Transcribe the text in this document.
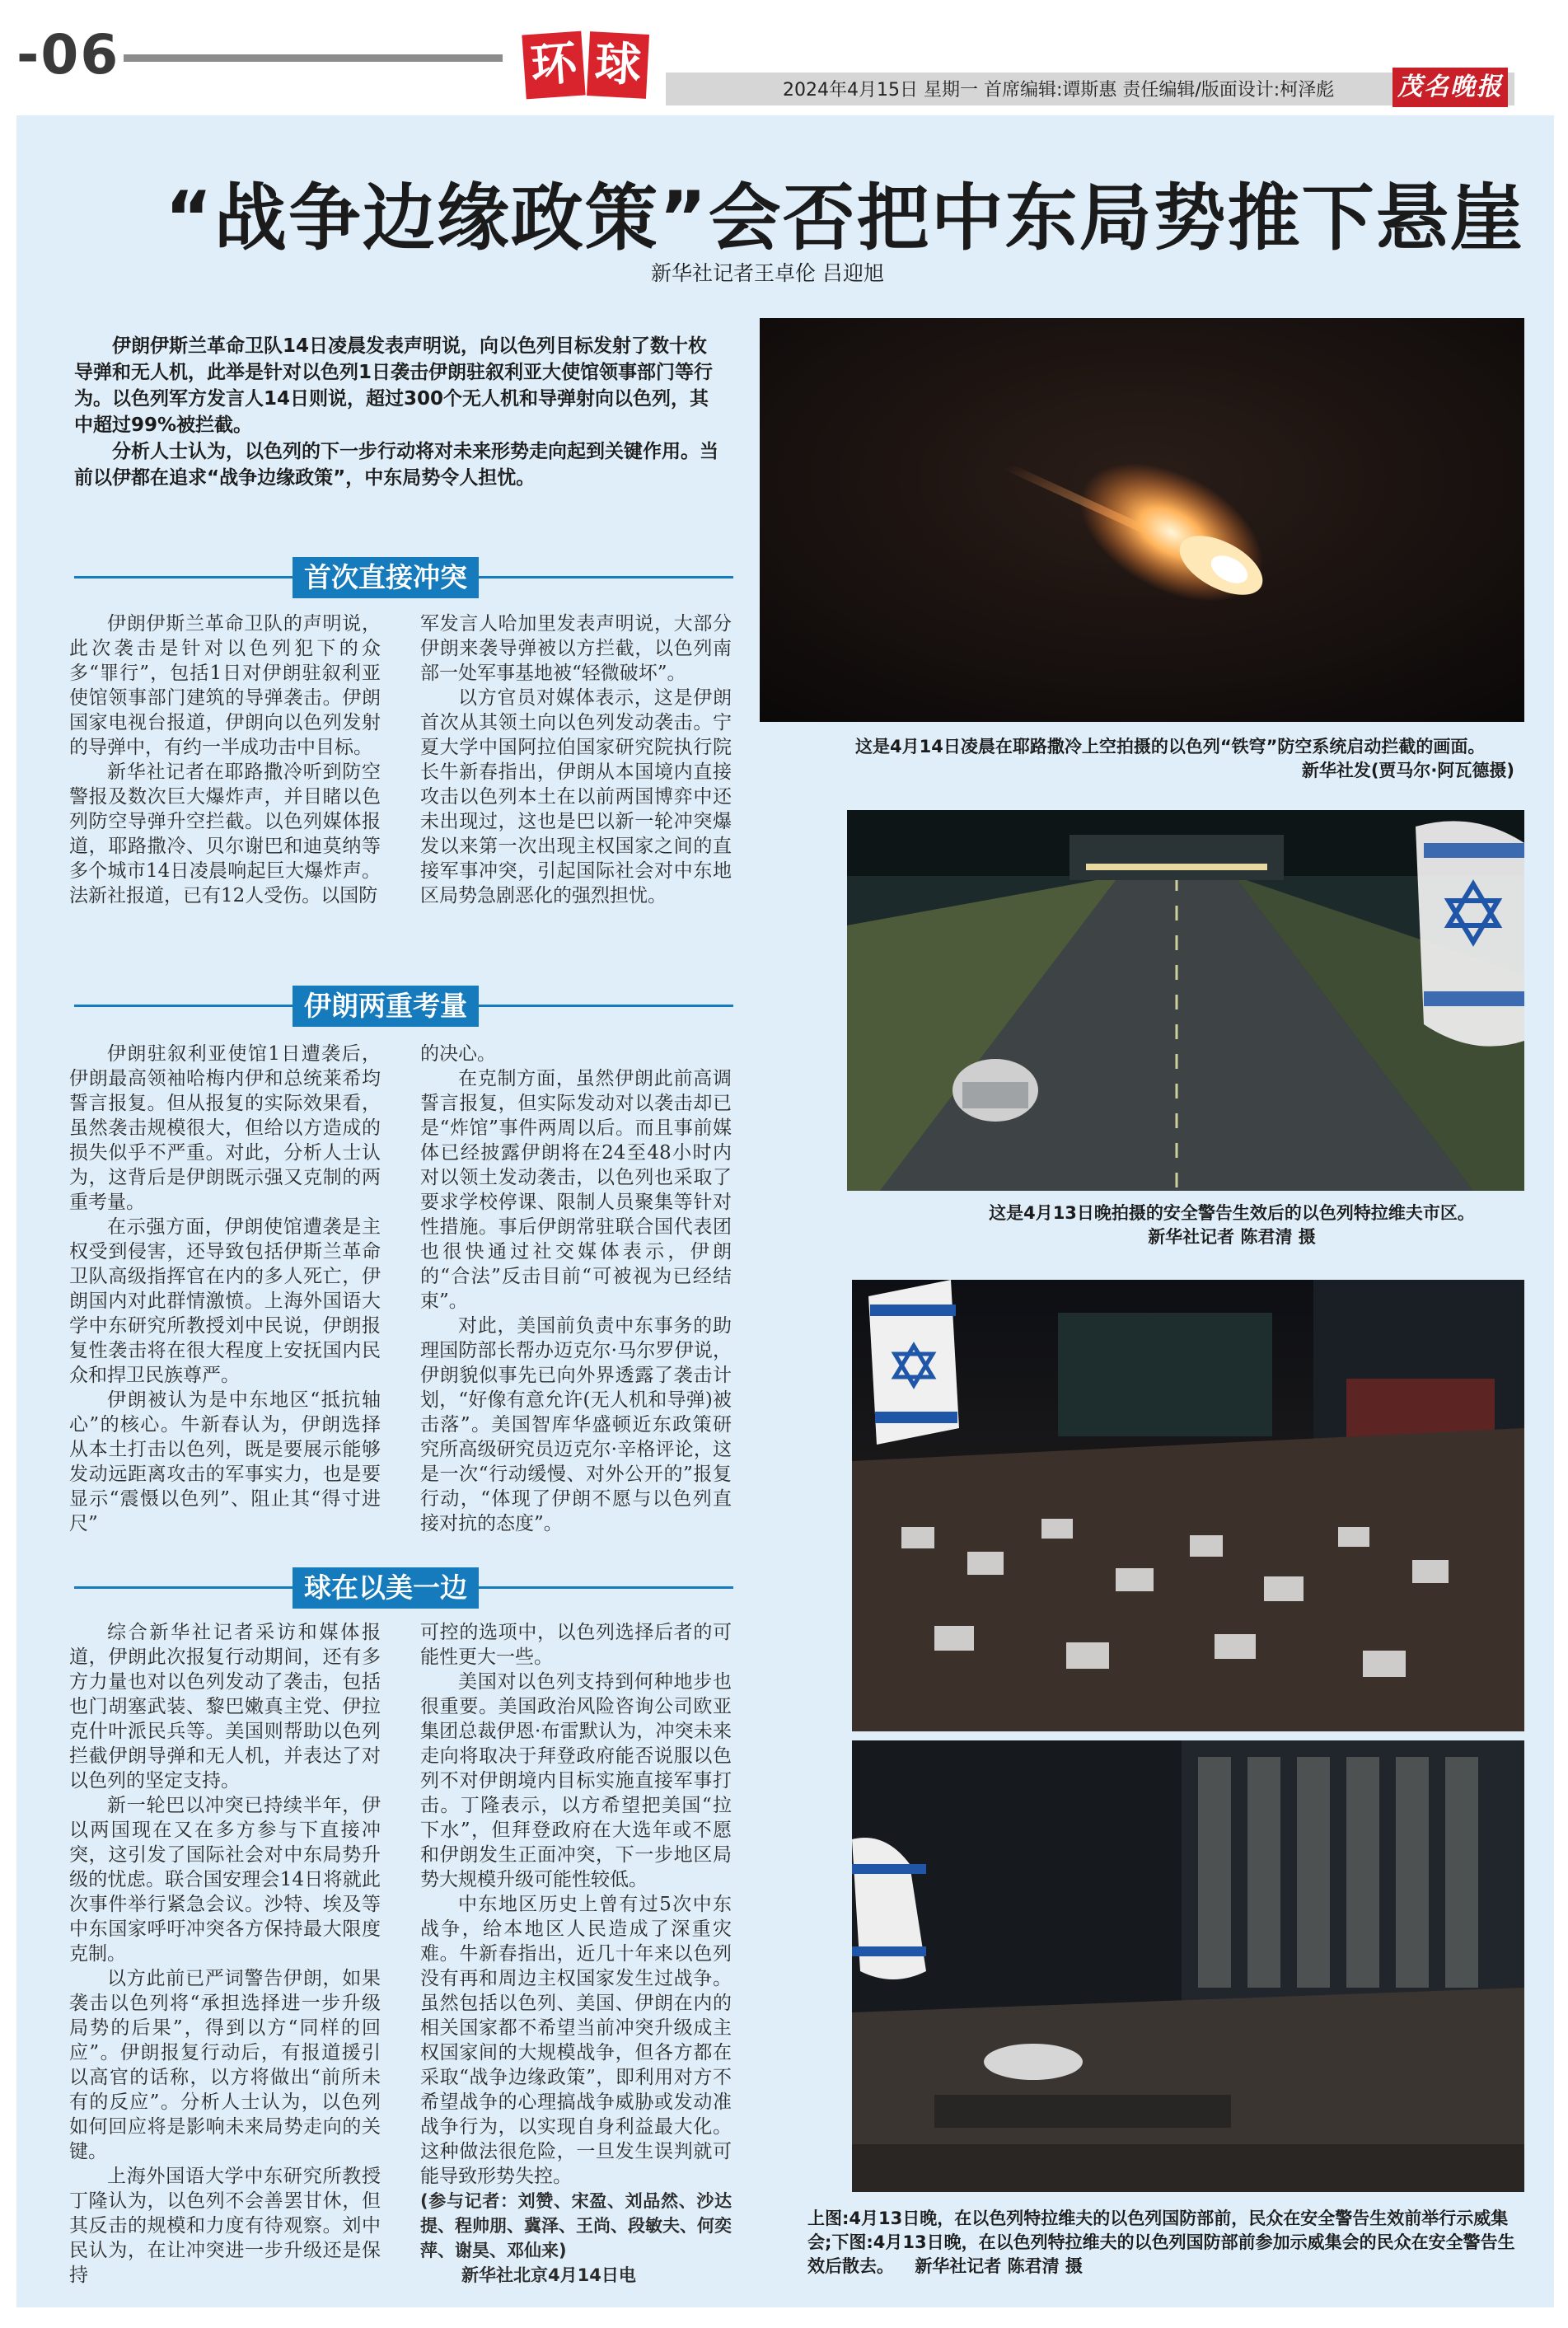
-06	环 球	2024年4月15日 星期一 首席编辑:谭斯惠 责任编辑/版面设计:柯泽彪	茂名晚报
“战争边缘政策”会否把中东局势推下悬崖
新华社记者王卓伦 吕迎旭

伊朗伊斯兰革命卫队14日凌晨发表声明说，向以色列目标发射了数十枚导弹和无人机，此举是针对以色列1日袭击伊朗驻叙利亚大使馆领事部门等行为。以色列军方发言人14日则说，超过300个无人机和导弹射向以色列，其中超过99%被拦截。

分析人士认为，以色列的下一步行动将对未来形势走向起到关键作用。当前以伊都在追求“战争边缘政策”，中东局势令人担忧。

首次直接冲突

伊朗伊斯兰革命卫队的声明说，此次袭击是针对以色列犯下的众多“罪行”，包括1日对伊朗驻叙利亚使馆领事部门建筑的导弹袭击。伊朗国家电视台报道，伊朗向以色列发射的导弹中，有约一半成功击中目标。

新华社记者在耶路撒冷听到防空警报及数次巨大爆炸声，并目睹以色列防空导弹升空拦截。以色列媒体报道，耶路撒冷、贝尔谢巴和迪莫纳等多个城市14日凌晨响起巨大爆炸声。法新社报道，已有12人受伤。以国防

军发言人哈加里发表声明说，大部分伊朗来袭导弹被以方拦截，以色列南部一处军事基地被“轻微破坏”。

以方官员对媒体表示，这是伊朗首次从其领土向以色列发动袭击。宁夏大学中国阿拉伯国家研究院执行院长牛新春指出，伊朗从本国境内直接攻击以色列本土在以前两国博弈中还未出现过，这也是巴以新一轮冲突爆发以来第一次出现主权国家之间的直接军事冲突，引起国际社会对中东地区局势急剧恶化的强烈担忧。

伊朗两重考量

伊朗驻叙利亚使馆1日遭袭后，伊朗最高领袖哈梅内伊和总统莱希均誓言报复。但从报复的实际效果看，虽然袭击规模很大，但给以方造成的损失似乎不严重。对此，分析人士认为，这背后是伊朗既示强又克制的两重考量。

在示强方面，伊朗使馆遭袭是主权受到侵害，还导致包括伊斯兰革命卫队高级指挥官在内的多人死亡，伊朗国内对此群情激愤。上海外国语大学中东研究所教授刘中民说，伊朗报复性袭击将在很大程度上安抚国内民众和捍卫民族尊严。

伊朗被认为是中东地区“抵抗轴心”的核心。牛新春认为，伊朗选择从本土打击以色列，既是要展示能够发动远距离攻击的军事实力，也是要显示“震慑以色列”、阻止其“得寸进尺”

的决心。

在克制方面，虽然伊朗此前高调誓言报复，但实际发动对以袭击却已是“炸馆”事件两周以后。而且事前媒体已经披露伊朗将在24至48小时内对以领土发动袭击，以色列也采取了要求学校停课、限制人员聚集等针对性措施。事后伊朗常驻联合国代表团也很快通过社交媒体表示，伊朗的“合法”反击目前“可被视为已经结束”。

对此，美国前负责中东事务的助理国防部长帮办迈克尔·马尔罗伊说，伊朗貌似事先已向外界透露了袭击计划，“好像有意允许(无人机和导弹)被击落”。美国智库华盛顿近东政策研究所高级研究员迈克尔·辛格评论，这是一次“行动缓慢、对外公开的”报复行动，“体现了伊朗不愿与以色列直接对抗的态度”。

球在以美一边

综合新华社记者采访和媒体报道，伊朗此次报复行动期间，还有多方力量也对以色列发动了袭击，包括也门胡塞武装、黎巴嫩真主党、伊拉克什叶派民兵等。美国则帮助以色列拦截伊朗导弹和无人机，并表达了对以色列的坚定支持。

新一轮巴以冲突已持续半年，伊以两国现在又在多方参与下直接冲突，这引发了国际社会对中东局势升级的忧虑。联合国安理会14日将就此次事件举行紧急会议。沙特、埃及等中东国家呼吁冲突各方保持最大限度克制。

以方此前已严词警告伊朗，如果袭击以色列将“承担选择进一步升级局势的后果”，得到以方“同样的回应”。伊朗报复行动后，有报道援引以高官的话称，以方将做出“前所未有的反应”。分析人士认为，以色列如何回应将是影响未来局势走向的关键。

上海外国语大学中东研究所教授丁隆认为，以色列不会善罢甘休，但其反击的规模和力度有待观察。刘中民认为，在让冲突进一步升级还是保持

可控的选项中，以色列选择后者的可能性更大一些。

美国对以色列支持到何种地步也很重要。美国政治风险咨询公司欧亚集团总裁伊恩·布雷默认为，冲突未来走向将取决于拜登政府能否说服以色列不对伊朗境内目标实施直接军事打击。丁隆表示，以方希望把美国“拉下水”，但拜登政府在大选年或不愿和伊朗发生正面冲突，下一步地区局势大规模升级可能性较低。

中东地区历史上曾有过5次中东战争，给本地区人民造成了深重灾难。牛新春指出，近几十年来以色列没有再和周边主权国家发生过战争。虽然包括以色列、美国、伊朗在内的相关国家都不希望当前冲突升级成主权国家间的大规模战争，但各方都在采取“战争边缘政策”，即利用对方不希望战争的心理搞战争威胁或发动准战争行为，以实现自身利益最大化。这种做法很危险，一旦发生误判就可能导致形势失控。

(参与记者：刘赞、宋盈、刘品然、沙达提、程帅朋、冀泽、王尚、段敏夫、何奕萍、谢昊、邓仙来)

新华社北京4月14日电

这是4月14日凌晨在耶路撒冷上空拍摄的以色列“铁穹”防空系统启动拦截的画面。
新华社发(贾马尔·阿瓦德摄)
这是4月13日晚拍摄的安全警告生效后的以色列特拉维夫市区。
新华社记者 陈君清 摄
上图:4月13日晚，在以色列特拉维夫的以色列国防部前，民众在安全警告生效前举行示威集会;下图:4月13日晚，在以色列特拉维夫的以色列国防部前参加示威集会的民众在安全警告生效后散去。 新华社记者 陈君清 摄
